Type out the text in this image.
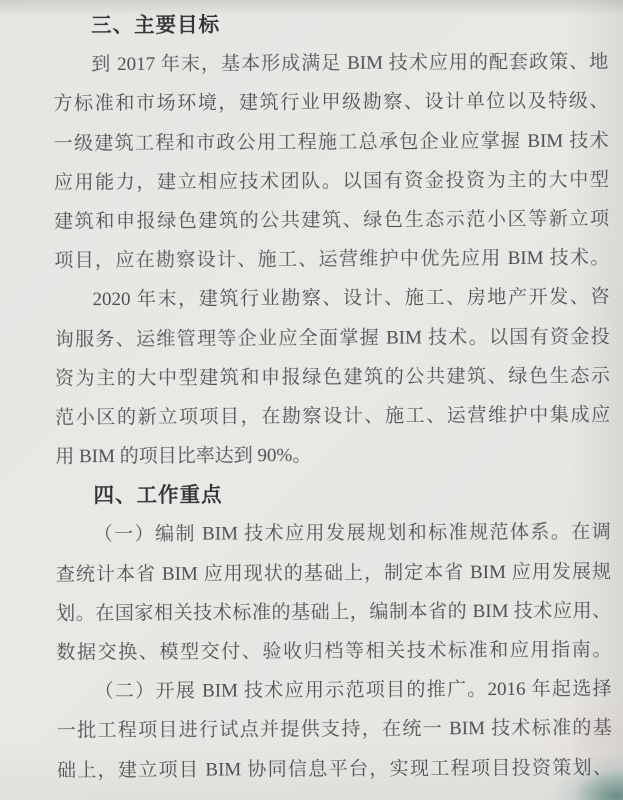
三、主要目标
到 2017 年末，基本形成满足 BIM 技术应用的配套政策、地
方标准和市场环境，建筑行业甲级勘察、设计单位以及特级、
一级建筑工程和市政公用工程施工总承包企业应掌握 BIM 技术
应用能力，建立相应技术团队。以国有资金投资为主的大中型
建筑和申报绿色建筑的公共建筑、绿色生态示范小区等新立项
项目，应在勘察设计、施工、运营维护中优先应用 BIM 技术。
2020 年末，建筑行业勘察、设计、施工、房地产开发、咨
询服务、运维管理等企业应全面掌握 BIM 技术。以国有资金投
资为主的大中型建筑和申报绿色建筑的公共建筑、绿色生态示
范小区的新立项项目，在勘察设计、施工、运营维护中集成应
用 BIM 的项目比率达到 90%。
四、工作重点
（一）编制 BIM 技术应用发展规划和标准规范体系。在调
查统计本省 BIM 应用现状的基础上，制定本省 BIM 应用发展规
划。在国家相关技术标准的基础上，编制本省的 BIM 技术应用、
数据交换、模型交付、验收归档等相关技术标准和应用指南。
（二）开展 BIM 技术应用示范项目的推广。2016 年起选择
一批工程项目进行试点并提供支持，在统一 BIM 技术标准的基
础上，建立项目 BIM 协同信息平台，实现工程项目投资策划、
